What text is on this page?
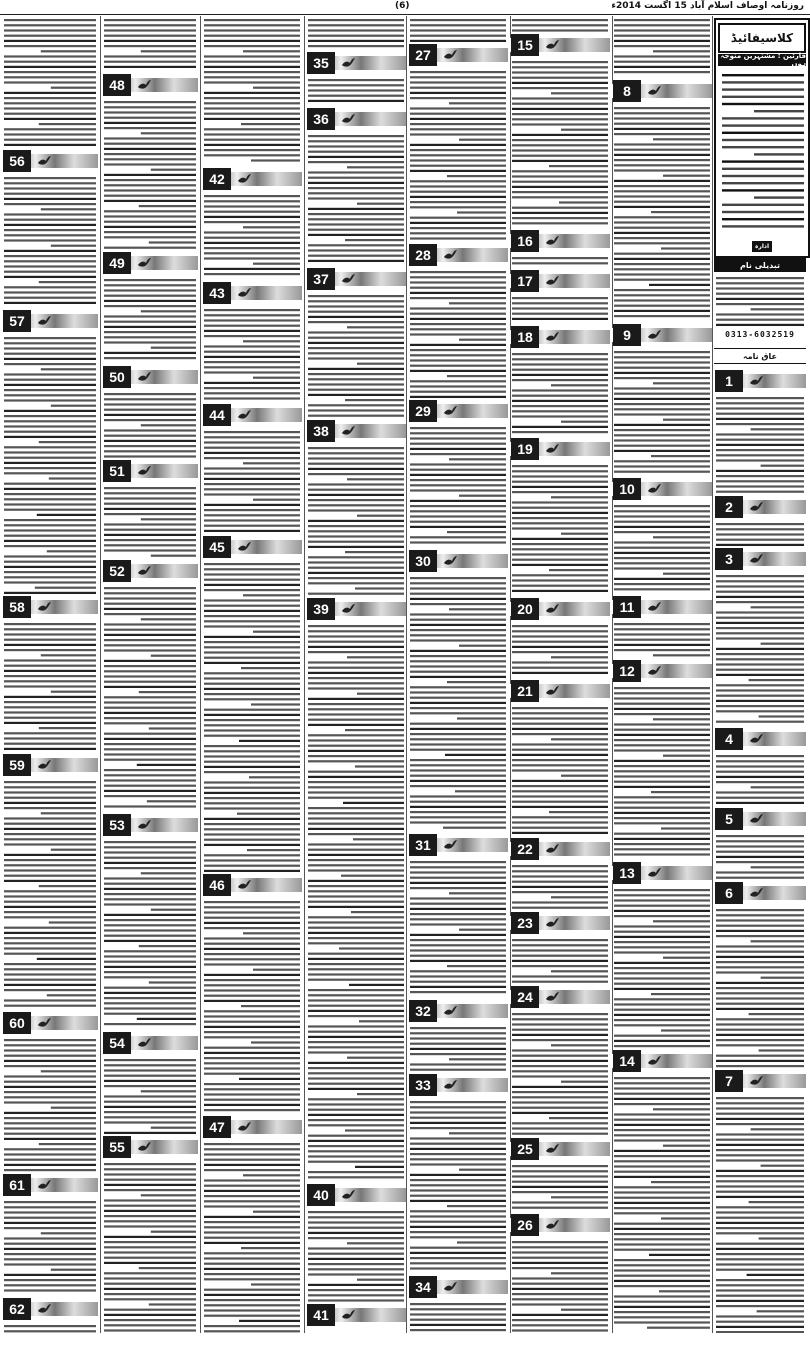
(6)	روزنامہ اوصاف اسلام آباد 15 اگست 2014ء
56
57
58
59
60
61
62
48
49
50
51
52
53
54
55
42
43
44
45
46
47
35
36
37
38
39
40
41
27
28
29
30
31
32
33
34
15
16
17
18
19
20
21
22
23
24
25
26
8
9
10
11
12
13
14
1
2
3
4
5
6
7
کلاسیفائیڈ
قارئین : مشتہرین متوجہ ہوں
ادارہ
تبدیلی نام
0313-6032519
عاق نامہ
